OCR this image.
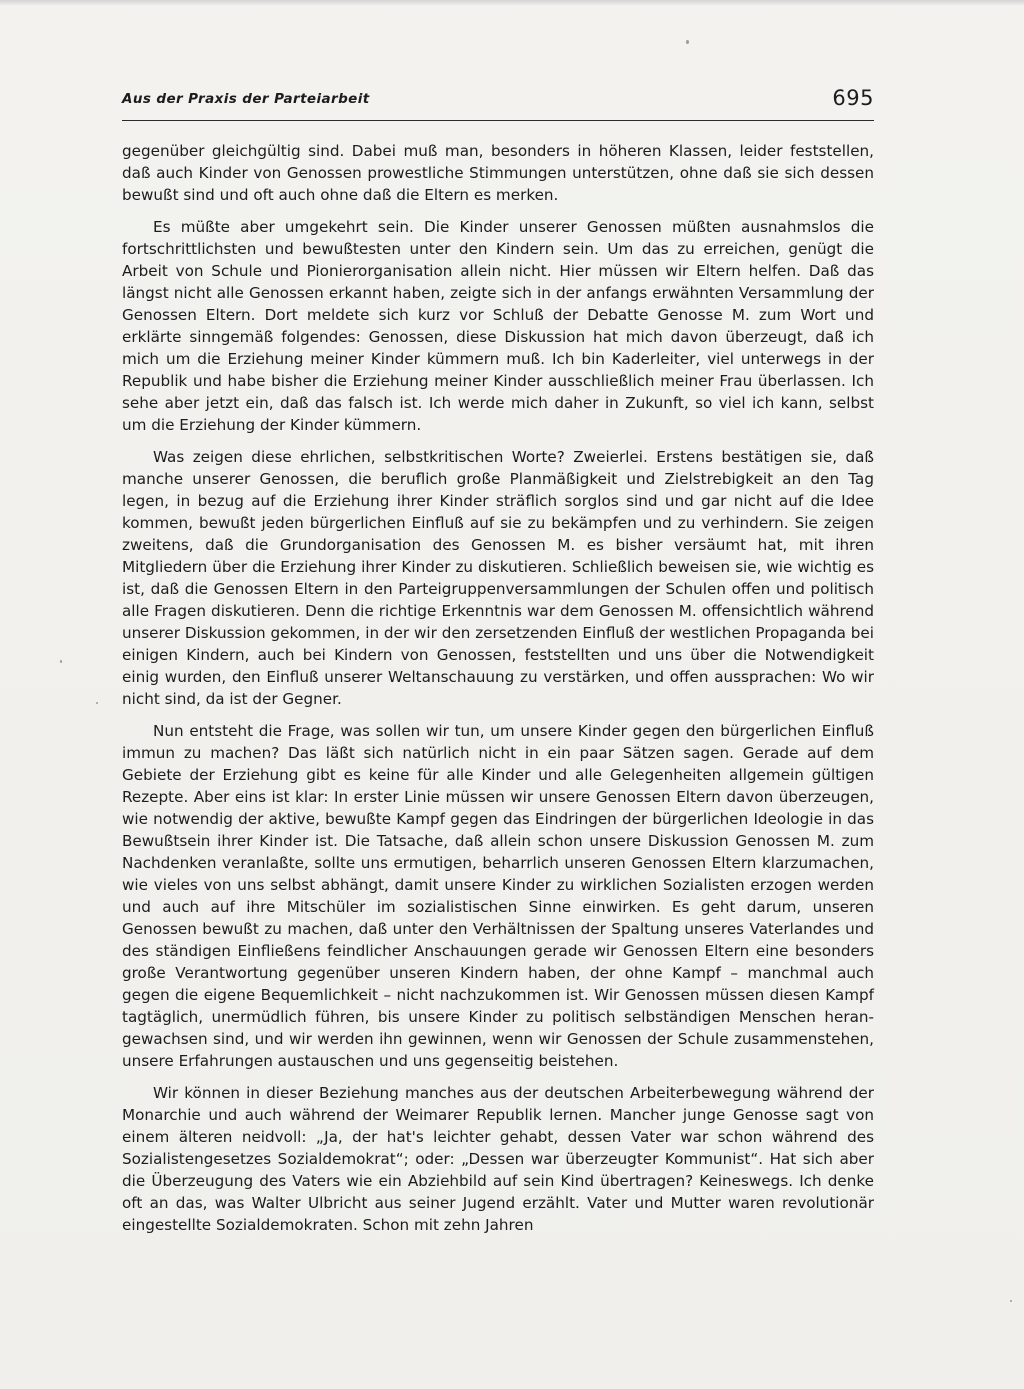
Aus der Praxis der Parteiarbeit	695

gegenüber gleichgültig sind. Dabei muß man, besonders in höheren Klassen, leider feststellen, daß auch Kinder von Genossen prowestliche Stimmungen unterstützen, ohne daß sie sich dessen bewußt sind und oft auch ohne daß die Eltern es merken.

Es müßte aber umgekehrt sein. Die Kinder unserer Genossen müßten ausnahmslos die fortschrittlichsten und bewußtesten unter den Kindern sein. Um das zu erreichen, genügt die Arbeit von Schule und Pionierorganisation allein nicht. Hier müssen wir Eltern helfen. Daß das längst nicht alle Genossen erkannt haben, zeigte sich in der anfangs erwähnten Versammlung der Genossen Eltern. Dort meldete sich kurz vor Schluß der Debatte Genosse M. zum Wort und erklärte sinngemäß folgendes: Genossen, diese Diskussion hat mich davon überzeugt, daß ich mich um die Erziehung meiner Kinder kümmern muß. Ich bin Kaderleiter, viel unterwegs in der Republik und habe bisher die Erziehung meiner Kinder ausschließlich meiner Frau überlassen. Ich sehe aber jetzt ein, daß das falsch ist. Ich werde mich daher in Zukunft, so viel ich kann, selbst um die Erziehung der Kinder kümmern.

Was zeigen diese ehrlichen, selbstkritischen Worte? Zweierlei. Erstens bestätigen sie, daß manche unserer Genossen, die beruflich große Planmäßigkeit und Zielstrebigkeit an den Tag legen, in bezug auf die Erziehung ihrer Kinder sträflich sorglos sind und gar nicht auf die Idee kommen, bewußt jeden bürgerlichen Einfluß auf sie zu bekämpfen und zu verhindern. Sie zeigen zweitens, daß die Grundorganisation des Genossen M. es bisher versäumt hat, mit ihren Mitgliedern über die Erziehung ihrer Kinder zu diskutieren. Schließlich beweisen sie, wie wichtig es ist, daß die Genossen Eltern in den Parteigruppenversammlungen der Schulen offen und politisch alle Fragen diskutieren. Denn die richtige Erkenntnis war dem Genossen M. offensichtlich während unserer Diskussion gekommen, in der wir den zersetzenden Einfluß der westlichen Propaganda bei einigen Kindern, auch bei Kindern von Genossen, feststellten und uns über die Notwendigkeit einig wurden, den Einfluß unserer Weltanschauung zu verstärken, und offen aussprachen: Wo wir nicht sind, da ist der Gegner.

Nun entsteht die Frage, was sollen wir tun, um unsere Kinder gegen den bürgerlichen Einfluß immun zu machen? Das läßt sich natürlich nicht in ein paar Sätzen sagen. Gerade auf dem Gebiete der Erziehung gibt es keine für alle Kinder und alle Gelegenheiten allgemein gültigen Rezepte. Aber eins ist klar: In erster Linie müssen wir unsere Genossen Eltern davon überzeugen, wie notwendig der aktive, bewußte Kampf gegen das Eindringen der bürgerlichen Ideologie in das Bewußtsein ihrer Kinder ist. Die Tatsache, daß allein schon unsere Diskussion Genossen M. zum Nachdenken veranlaßte, sollte uns ermutigen, beharrlich unseren Genossen Eltern klarzumachen, wie vieles von uns selbst abhängt, damit unsere Kinder zu wirklichen Sozialisten erzogen werden und auch auf ihre Mitschüler im sozialistischen Sinne einwirken. Es geht darum, unseren Genossen bewußt zu machen, daß unter den Verhältnissen der Spaltung unseres Vaterlandes und des ständigen Einfließens feindlicher Anschauungen gerade wir Genossen Eltern eine besonders große Verantwortung gegenüber unseren Kindern haben, der ohne Kampf – manchmal auch gegen die eigene Bequemlichkeit – nicht nachzukommen ist. Wir Genossen müssen diesen Kampf tagtäglich, unermüdlich führen, bis unsere Kinder zu politisch selbständigen Menschen herangewachsen sind, und wir werden ihn gewinnen, wenn wir Genossen der Schule zusammenstehen, unsere Erfahrungen austauschen und uns gegenseitig beistehen.

Wir können in dieser Beziehung manches aus der deutschen Arbeiterbewegung während der Monarchie und auch während der Weimarer Republik lernen. Mancher junge Genosse sagt von einem älteren neidvoll: „Ja, der hat's leichter gehabt, dessen Vater war schon während des Sozialistengesetzes Sozialdemokrat“; oder: „Dessen war überzeugter Kommunist“. Hat sich aber die Überzeugung des Vaters wie ein Abziehbild auf sein Kind übertragen? Keineswegs. Ich denke oft an das, was Walter Ulbricht aus seiner Jugend erzählt. Vater und Mutter waren revolutionär eingestellte Sozialdemokraten. Schon mit zehn Jahren
